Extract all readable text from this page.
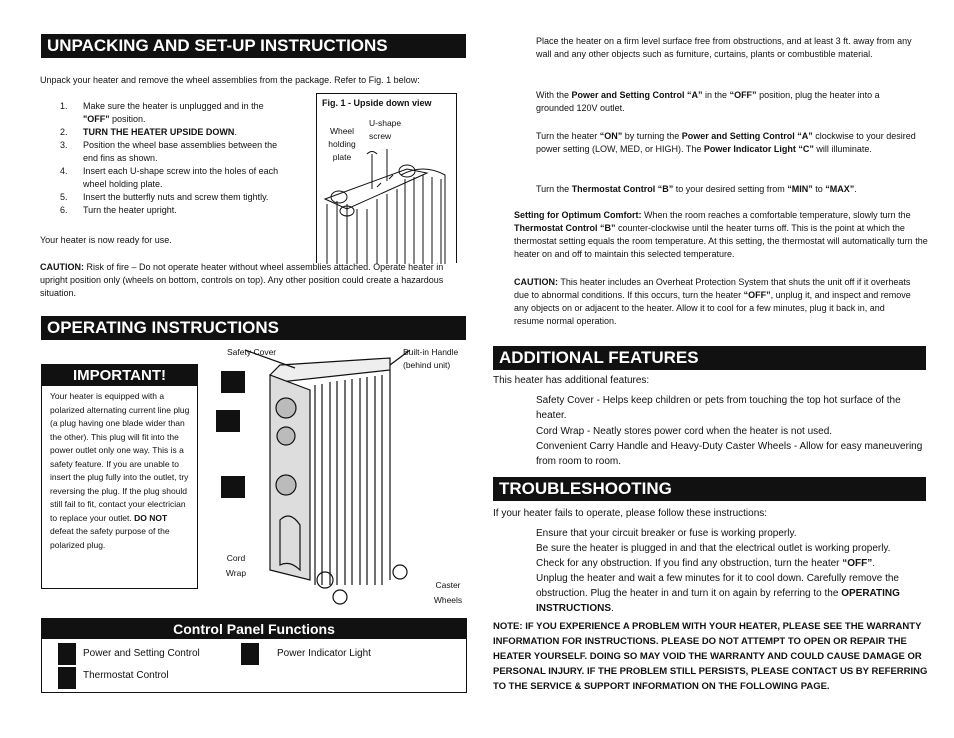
UNPACKING AND SET-UP INSTRUCTIONS
Unpack your heater and remove the wheel assemblies from the package. Refer to Fig. 1 below:
1. Make sure the heater is unplugged and in the "OFF" position.
2. TURN THE HEATER UPSIDE DOWN.
3. Position the wheel base assemblies between the end fins as shown.
4. Insert each U-shape screw into the holes of each wheel holding plate.
5. Insert the butterfly nuts and screw them tightly.
6. Turn the heater upright.
Fig. 1 - Upside down view
Wheel holding plate
U-shape screw
Your heater is now ready for use.
CAUTION: Risk of fire – Do not operate heater without wheel assemblies attached. Operate heater in upright position only (wheels on bottom, controls on top). Any other position could create a hazardous situation.
OPERATING INSTRUCTIONS
IMPORTANT!
Your heater is equipped with a polarized alternating current line plug (a plug having one blade wider than the other). This plug will fit into the power outlet only one way. This is a safety feature. If you are unable to insert the plug fully into the outlet, try reversing the plug. If the plug should still fail to fit, contact your electrician to replace your outlet. DO NOT defeat the safety purpose of the polarized plug.
Safety Cover	Built-in Handle (behind unit)
Cord Wrap
Caster Wheels
Control Panel Functions
Power and Setting Control	Power Indicator Light
Thermostat Control
Place the heater on a firm level surface free from obstructions, and at least 3 ft. away from any wall and any other objects such as furniture, curtains, plants or combustible material.
With the Power and Setting Control “A” in the “OFF” position, plug the heater into a grounded 120V outlet.
Turn the heater “ON” by turning the Power and Setting Control “A” clockwise to your desired power setting (LOW, MED, or HIGH). The Power Indicator Light “C” will illuminate.
Turn the Thermostat Control “B” to your desired setting from “MIN” to “MAX”.
Setting for Optimum Comfort: When the room reaches a comfortable temperature, slowly turn the Thermostat Control “B” counter-clockwise until the heater turns off. This is the point at which the thermostat setting equals the room temperature. At this setting, the thermostat will automatically turn the heater on and off to maintain this selected temperature.
CAUTION: This heater includes an Overheat Protection System that shuts the unit off if it overheats due to abnormal conditions. If this occurs, turn the heater “OFF”, unplug it, and inspect and remove any objects on or adjacent to the heater. Allow it to cool for a few minutes, plug it back in, and resume normal operation.
ADDITIONAL FEATURES
This heater has additional features:
Safety Cover - Helps keep children or pets from touching the top hot surface of the heater.
Cord Wrap - Neatly stores power cord when the heater is not used.
Convenient Carry Handle and Heavy-Duty Caster Wheels - Allow for easy maneuvering from room to room.
TROUBLESHOOTING
If your heater fails to operate, please follow these instructions:
Ensure that your circuit breaker or fuse is working properly.
Be sure the heater is plugged in and that the electrical outlet is working properly.
Check for any obstruction. If you find any obstruction, turn the heater “OFF”.
Unplug the heater and wait a few minutes for it to cool down. Carefully remove the obstruction. Plug the heater in and turn it on again by referring to the OPERATING INSTRUCTIONS.
NOTE: IF YOU EXPERIENCE A PROBLEM WITH YOUR HEATER, PLEASE SEE THE WARRANTY INFORMATION FOR INSTRUCTIONS. PLEASE DO NOT ATTEMPT TO OPEN OR REPAIR THE HEATER YOURSELF. DOING SO MAY VOID THE WARRANTY AND COULD CAUSE DAMAGE OR PERSONAL INJURY. IF THE PROBLEM STILL PERSISTS, PLEASE CONTACT US BY REFERRING TO THE SERVICE & SUPPORT INFORMATION ON THE FOLLOWING PAGE.
